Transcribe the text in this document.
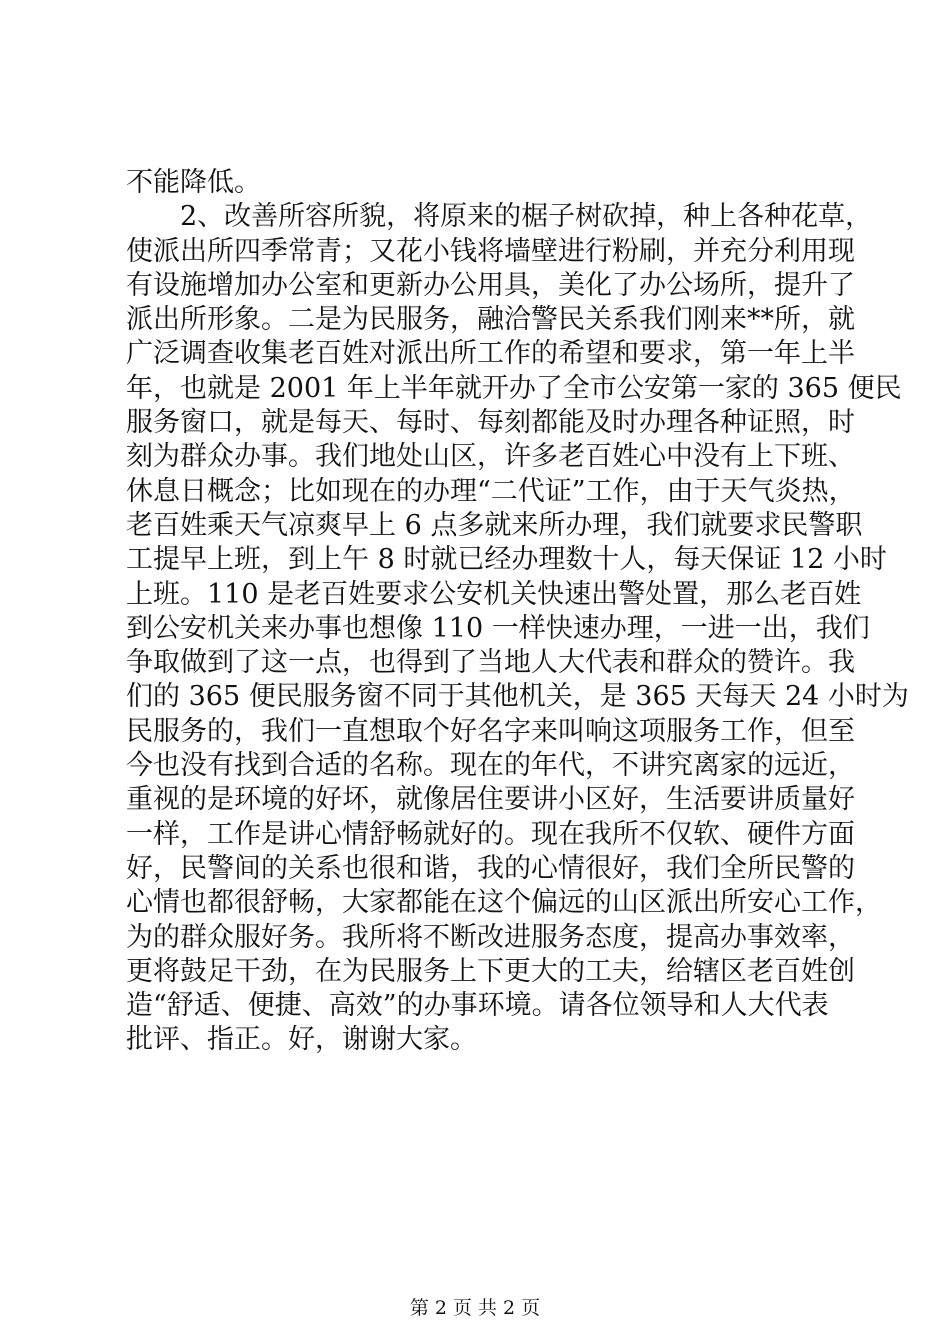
不能降低。
2、改善所容所貌，将原来的椐子树砍掉，种上各种花草，
使派出所四季常青；又花小钱将墙壁进行粉刷，并充分利用现
有设施增加办公室和更新办公用具，美化了办公场所，提升了
派出所形象。二是为民服务，融洽警民关系我们刚来**所，就
广泛调查收集老百姓对派出所工作的希望和要求，第一年上半
年，也就是 2001 年上半年就开办了全市公安第一家的 365 便民
服务窗口，就是每天、每时、每刻都能及时办理各种证照，时
刻为群众办事。我们地处山区，许多老百姓心中没有上下班、
休息日概念；比如现在的办理“二代证”工作，由于天气炎热，
老百姓乘天气凉爽早上 6 点多就来所办理，我们就要求民警职
工提早上班，到上午 8 时就已经办理数十人，每天保证 12 小时
上班。110 是老百姓要求公安机关快速出警处置，那么老百姓
到公安机关来办事也想像 110 一样快速办理，一进一出，我们
争取做到了这一点，也得到了当地人大代表和群众的赞许。我
们的 365 便民服务窗不同于其他机关，是 365 天每天 24 小时为
民服务的，我们一直想取个好名字来叫响这项服务工作，但至
今也没有找到合适的名称。现在的年代，不讲究离家的远近，
重视的是环境的好坏，就像居住要讲小区好，生活要讲质量好
一样，工作是讲心情舒畅就好的。现在我所不仅软、硬件方面
好，民警间的关系也很和谐，我的心情很好，我们全所民警的
心情也都很舒畅，大家都能在这个偏远的山区派出所安心工作，
为的群众服好务。我所将不断改进服务态度，提高办事效率，
更将鼓足干劲，在为民服务上下更大的工夫，给辖区老百姓创
造“舒适、便捷、高效”的办事环境。请各位领导和人大代表
批评、指正。好，谢谢大家。
第 2 页 共 2 页
